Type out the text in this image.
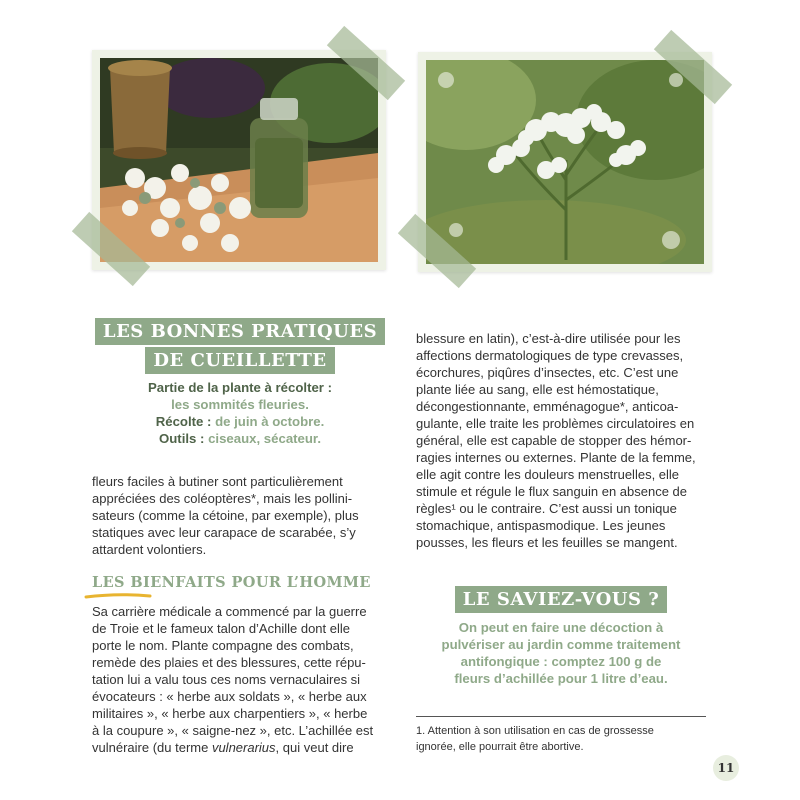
LES BONNES PRATIQUES
DE CUEILLETTE
Partie de la plante à récolter :
les sommités fleuries.
Récolte : de juin à octobre.
Outils : ciseaux, sécateur.

fleurs faciles à butiner sont particulièrement
appréciées des coléoptères*, mais les pollini-
sateurs (comme la cétoine, par exemple), plus
statiques avec leur carapace de scarabée, s’y
attardent volontiers.

LES BIENFAITS POUR L’HOMME

Sa carrière médicale a commencé par la guerre
de Troie et le fameux talon d’Achille dont elle
porte le nom. Plante compagne des combats,
remède des plaies et des blessures, cette répu-
tation lui a valu tous ces noms vernaculaires si
évocateurs : « herbe aux soldats », « herbe aux
militaires », « herbe aux charpentiers », « herbe
à la coupure », « saigne-nez », etc. L’achillée est
vulnéraire (du terme vulnerarius, qui veut dire

blessure en latin), c’est-à-dire utilisée pour les
affections dermatologiques de type crevasses,
écorchures, piqûres d’insectes, etc. C’est une
plante liée au sang, elle est hémostatique,
décongestionnante, emménagogue*, anticoa-
gulante, elle traite les problèmes circulatoires en
général, elle est capable de stopper des hémor-
ragies internes ou externes. Plante de la femme,
elle agit contre les douleurs menstruelles, elle
stimule et régule le flux sanguin en absence de
règles¹ ou le contraire. C’est aussi un tonique
stomachique, antispasmodique. Les jeunes
pousses, les fleurs et les feuilles se mangent.

LE SAVIEZ-VOUS ?
On peut en faire une décoction à
pulvériser au jardin comme traitement
antifongique : comptez 100 g de
fleurs d’achillée pour 1 litre d’eau.
1. Attention à son utilisation en cas de grossesse
ignorée, elle pourrait être abortive.
11
